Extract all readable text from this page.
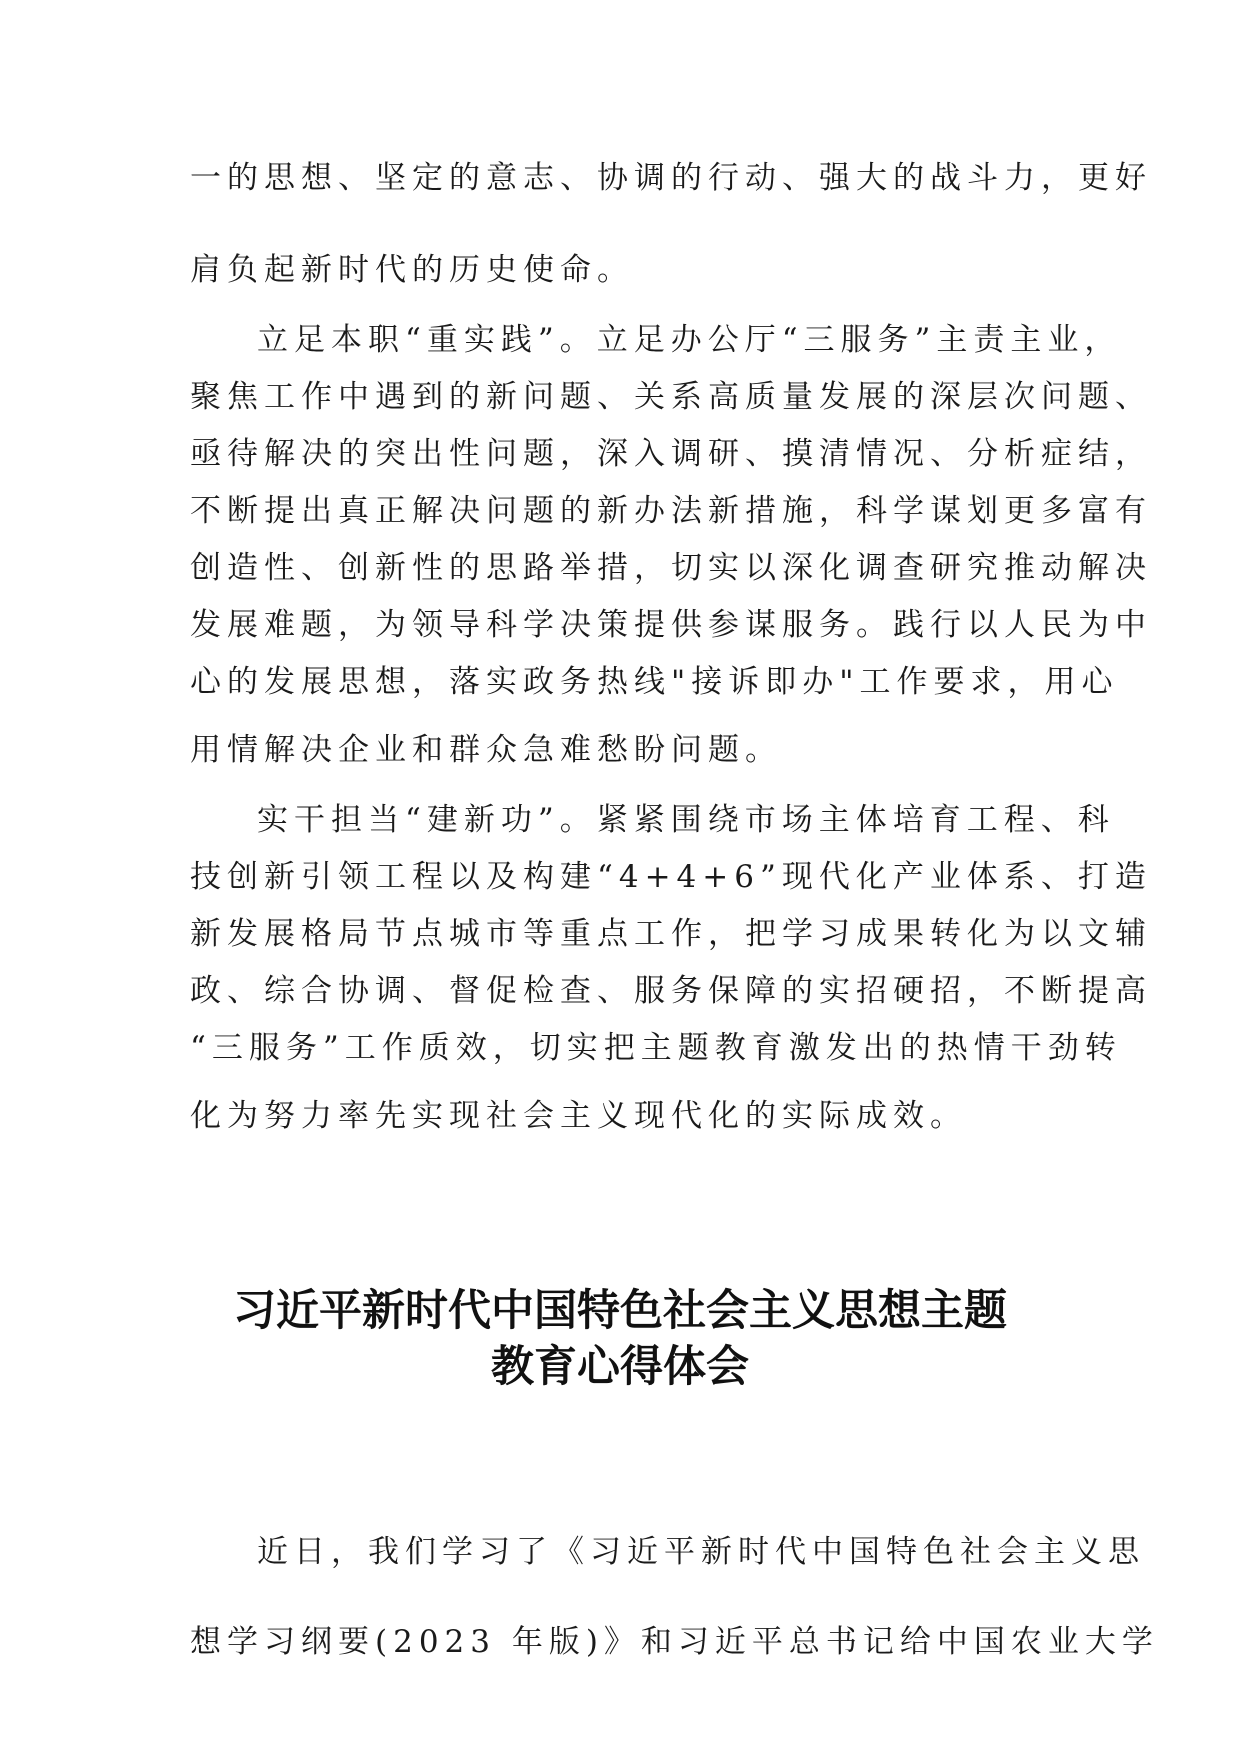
一的思想、坚定的意志、协调的行动、强大的战斗力，更好

肩负起新时代的历史使命。

立足本职“重实践”。立足办公厅“三服务”主责主业，

聚焦工作中遇到的新问题、关系高质量发展的深层次问题、

亟待解决的突出性问题，深入调研、摸清情况、分析症结，

不断提出真正解决问题的新办法新措施，科学谋划更多富有

创造性、创新性的思路举措，切实以深化调查研究推动解决

发展难题，为领导科学决策提供参谋服务。践行以人民为中

心的发展思想，落实政务热线"接诉即办"工作要求，用心

用情解决企业和群众急难愁盼问题。

实干担当“建新功”。紧紧围绕市场主体培育工程、科

技创新引领工程以及构建“4+4+6”现代化产业体系、打造

新发展格局节点城市等重点工作，把学习成果转化为以文辅

政、综合协调、督促检查、服务保障的实招硬招，不断提高

“三服务”工作质效，切实把主题教育激发出的热情干劲转

化为努力率先实现社会主义现代化的实际成效。

近日，我们学习了《习近平新时代中国特色社会主义思

想学习纲要(2023 年版)》和习近平总书记给中国农业大学

习近平新时代中国特色社会主义思想主题
教育心得体会
